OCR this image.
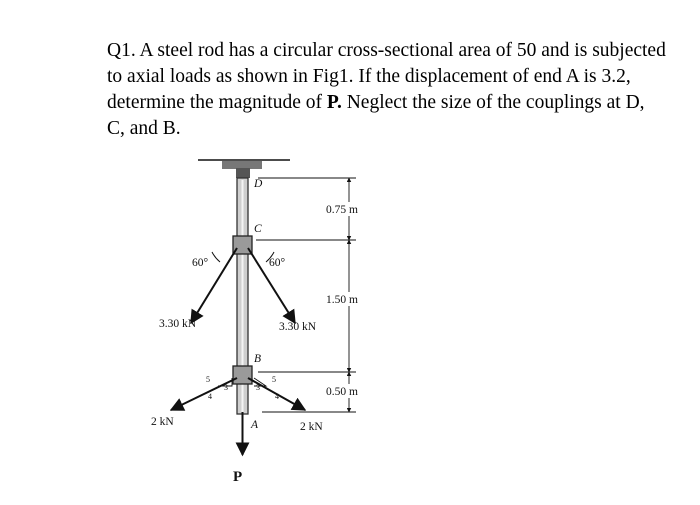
Q1. A steel rod has a circular cross-sectional area of 50 and is subjected to axial loads as shown in Fig1. If the displacement of end A is 3.2, determine the magnitude of P. Neglect the size of the couplings at D, C, and B.

D
C
B
A
60°	60°
3.30 kN	3.30 kN
5
3
4
3
5
4
2 kN	2 kN
P
0.75 m
1.50 m
0.50 m
